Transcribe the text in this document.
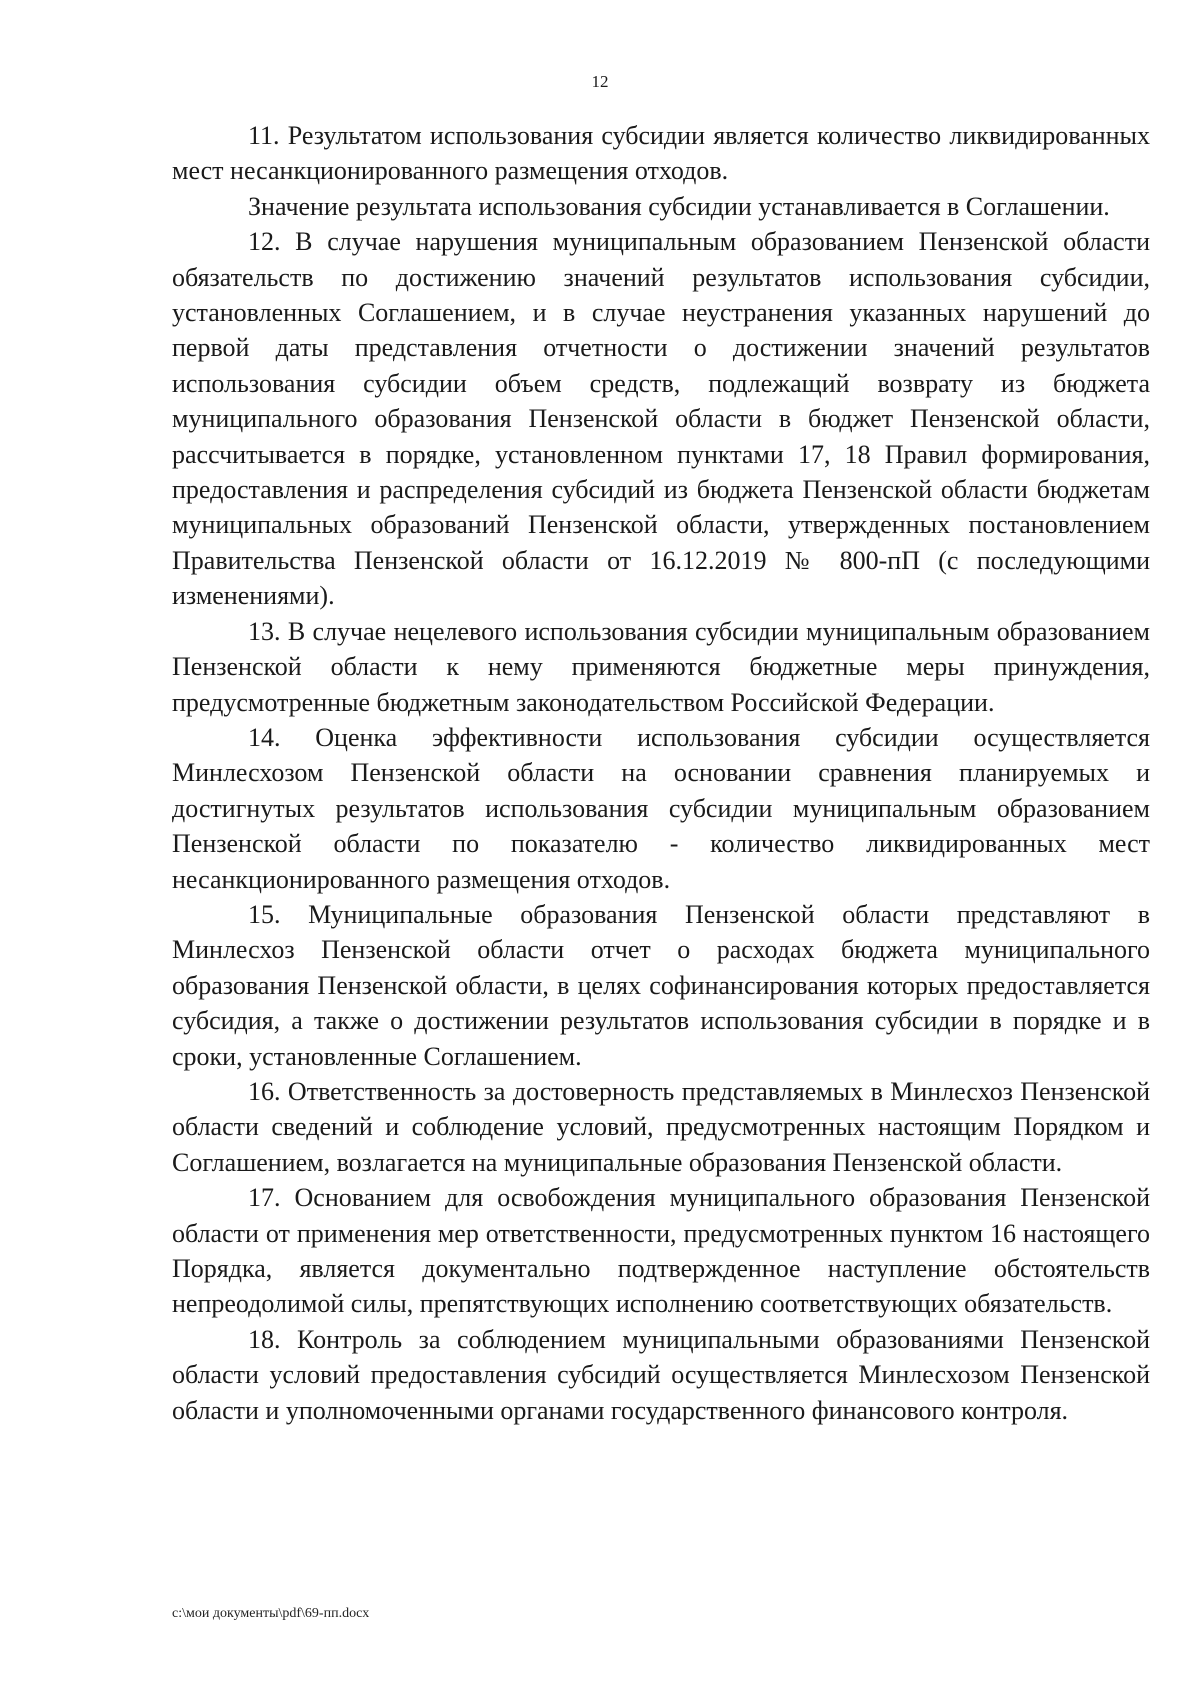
12

11. Результатом использования субсидии является количество ликвидированных мест несанкционированного размещения отходов.

Значение результата использования субсидии устанавливается в Соглашении.

12. В случае нарушения муниципальным образованием Пензенской области обязательств по достижению значений результатов использования субсидии, установленных Соглашением, и в случае неустранения указанных нарушений до первой даты представления отчетности о достижении значений результатов использования субсидии объем средств, подлежащий возврату из бюджета муниципального образования Пензенской области в бюджет Пензенской области, рассчитывается в порядке, установленном пунктами 17, 18 Правил формирования, предоставления и распределения субсидий из бюджета Пензенской области бюджетам муниципальных образований Пензенской области, утвержденных постановлением Правительства Пензенской области от 16.12.2019 № 800-пП (с последующими изменениями).

13. В случае нецелевого использования субсидии муниципальным образованием Пензенской области к нему применяются бюджетные меры принуждения, предусмотренные бюджетным законодательством Российской Федерации.

14. Оценка эффективности использования субсидии осуществляется Минлесхозом Пензенской области на основании сравнения планируемых и достигнутых результатов использования субсидии муниципальным образованием Пензенской области по показателю - количество ликвидированных мест несанкционированного размещения отходов.

15. Муниципальные образования Пензенской области представляют в Минлесхоз Пензенской области отчет о расходах бюджета муниципального образования Пензенской области, в целях софинансирования которых предоставляется субсидия, а также о достижении результатов использования субсидии в порядке и в сроки, установленные Соглашением.

16. Ответственность за достоверность представляемых в Минлесхоз Пензенской области сведений и соблюдение условий, предусмотренных настоящим Порядком и Соглашением, возлагается на муниципальные образования Пензенской области.

17. Основанием для освобождения муниципального образования Пензенской области от применения мер ответственности, предусмотренных пунктом 16 настоящего Порядка, является документально подтвержденное наступление обстоятельств непреодолимой силы, препятствующих исполнению соответствующих обязательств.

18. Контроль за соблюдением муниципальными образованиями Пензенской области условий предоставления субсидий осуществляется Минлесхозом Пензенской области и уполномоченными органами государственного финансового контроля.

c:\мои документы\pdf\69-пп.docx
